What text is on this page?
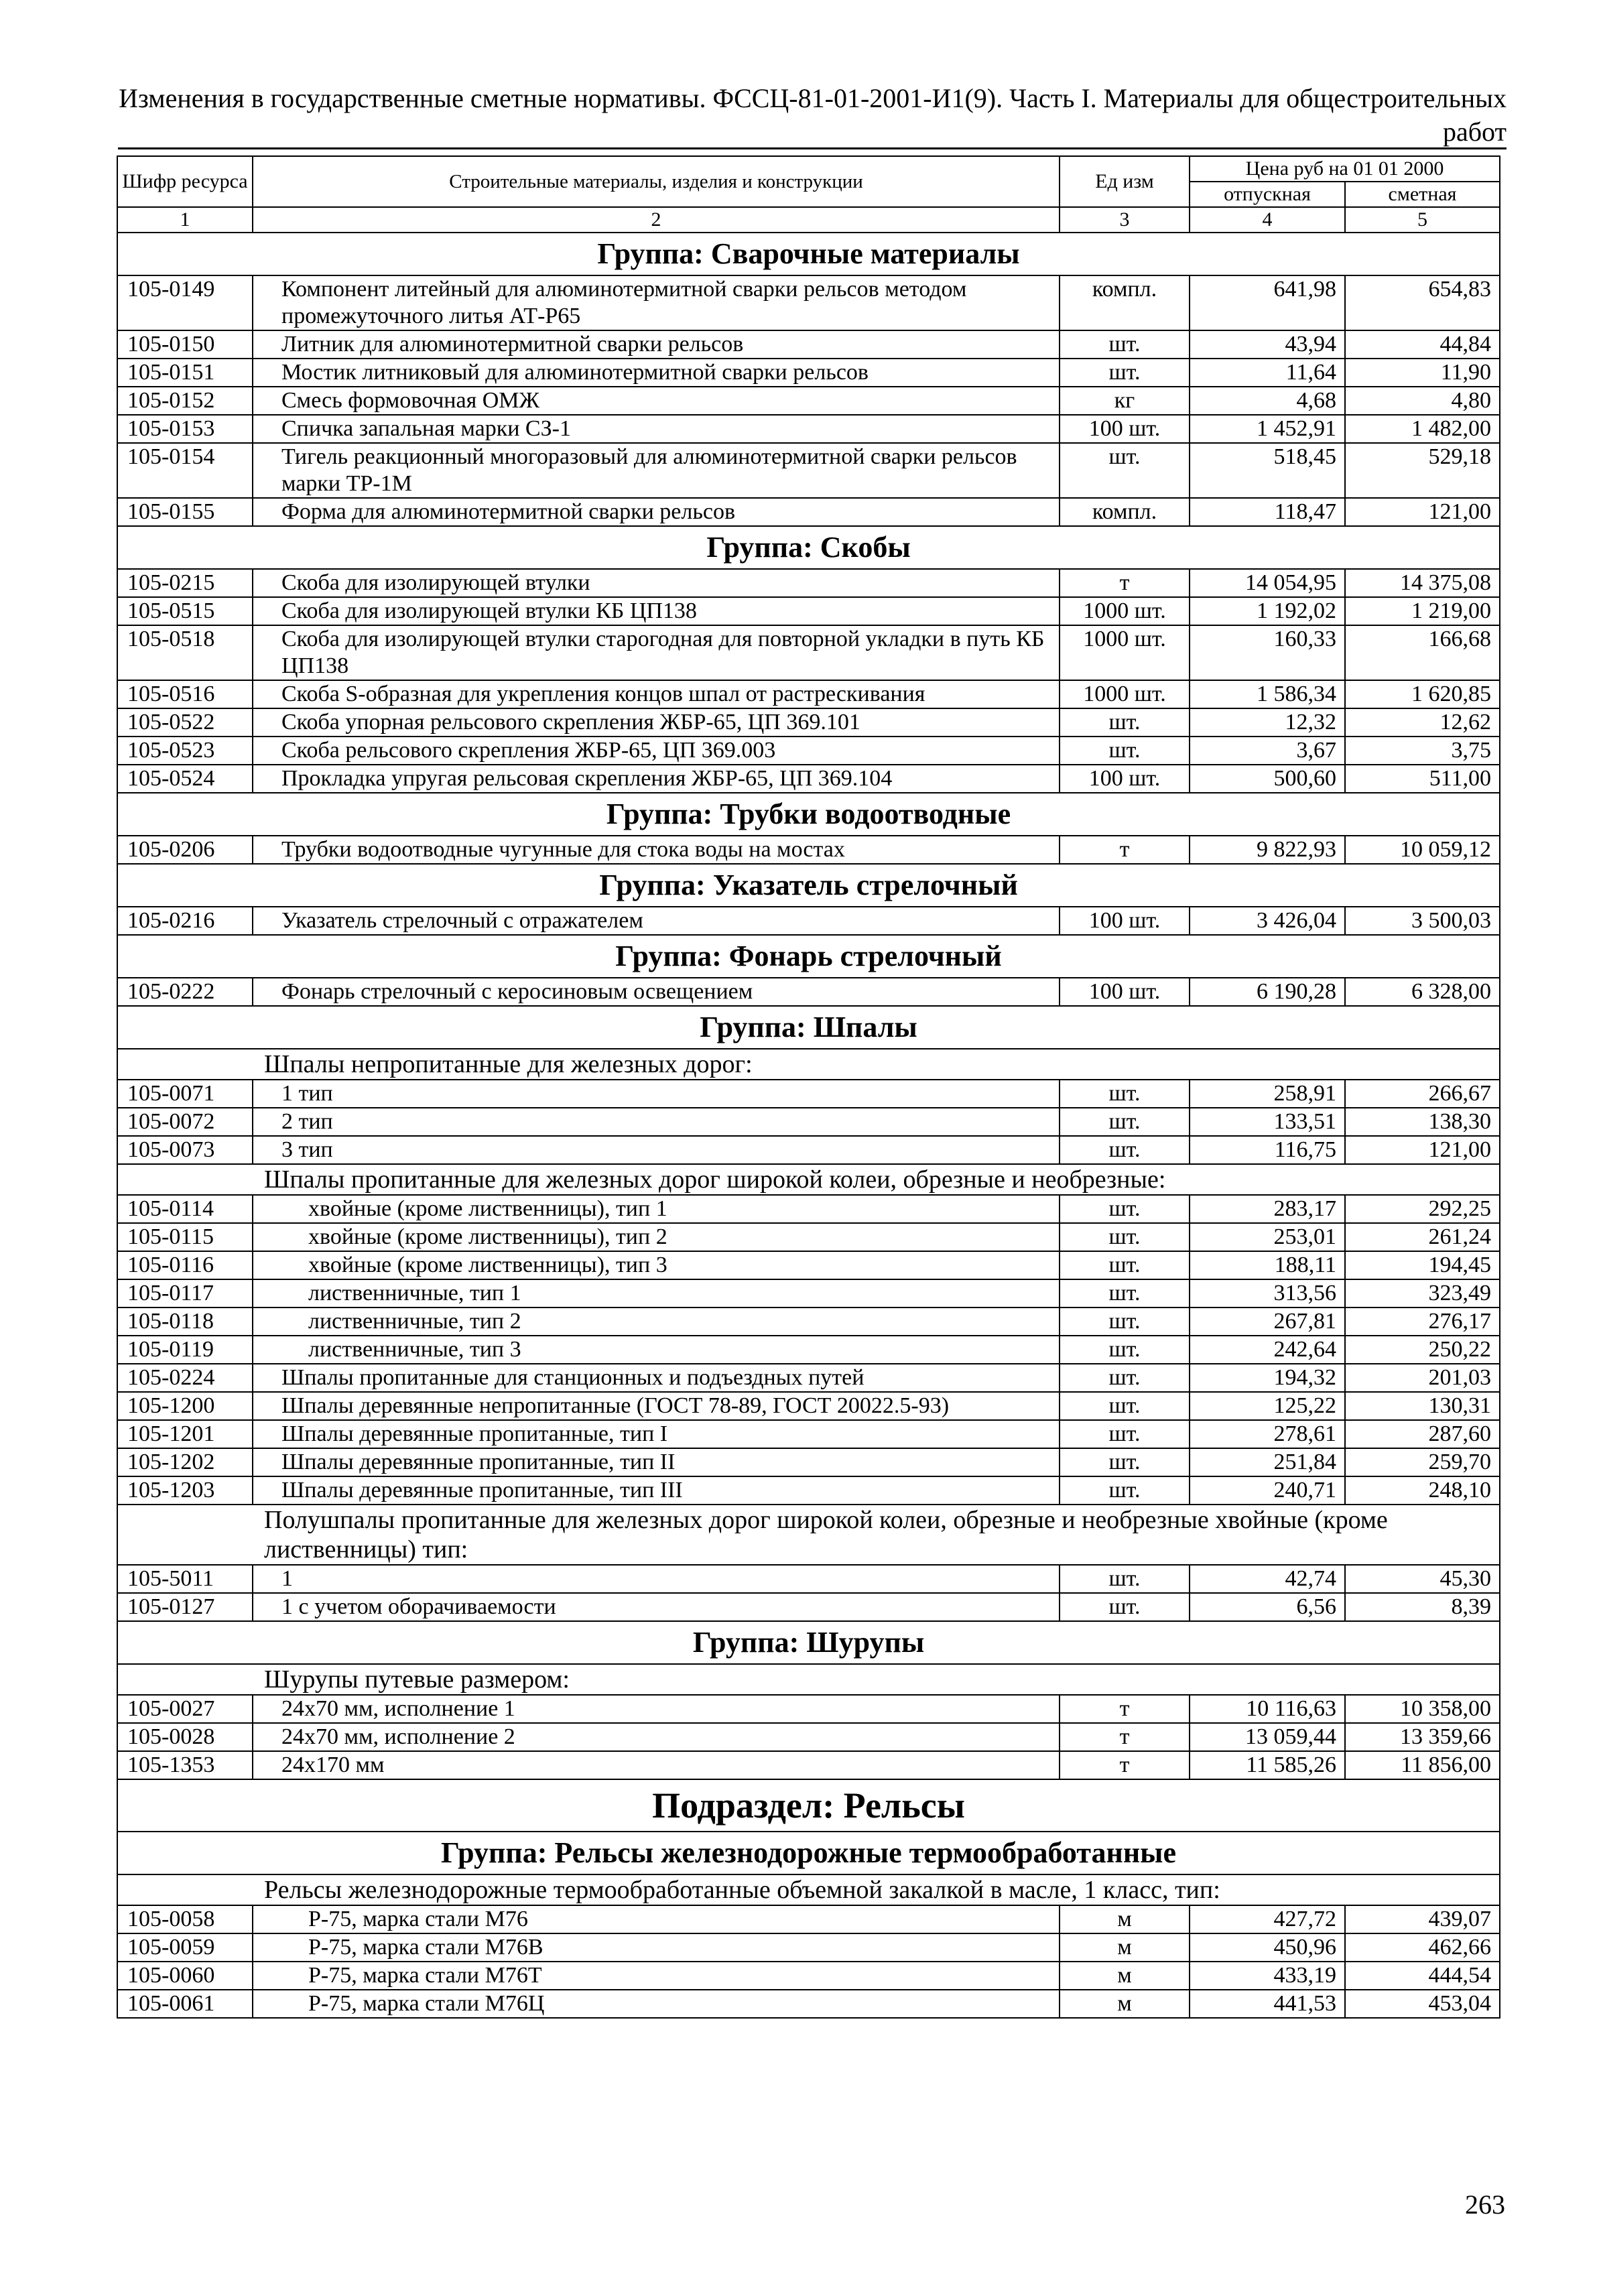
Изменения в государственные сметные нормативы. ФССЦ-81-01-2001-И1(9). Часть I. Материалы для общестроительных работ
Шифр ресурса	Строительные материалы, изделия и конструкции	Ед изм	Цена руб на 01 01 2000	
			отпускная	сметная
1	2	3	4	5
Группа: Сварочные материалы				
105-0149	Компонент литейный для алюминотермитной сварки рельсов методом промежуточного литья АТ-Р65	компл.	641,98	654,83
105-0150	Литник для алюминотермитной сварки рельсов	шт.	43,94	44,84
105-0151	Мостик литниковый для алюминотермитной сварки рельсов	шт.	11,64	11,90
105-0152	Смесь формовочная ОМЖ	кг	4,68	4,80
105-0153	Спичка запальная марки СЗ-1	100 шт.	1 452,91	1 482,00
105-0154	Тигель реакционный многоразовый для алюминотермитной сварки рельсов марки ТР-1М	шт.	518,45	529,18
105-0155	Форма для алюминотермитной сварки рельсов	компл.	118,47	121,00
Группа: Скобы				
105-0215	Скоба для изолирующей втулки	т	14 054,95	14 375,08
105-0515	Скоба для изолирующей втулки КБ ЦП138	1000 шт.	1 192,02	1 219,00
105-0518	Скоба для изолирующей втулки старогодная для повторной укладки в путь КБ ЦП138	1000 шт.	160,33	166,68
105-0516	Скоба S-образная для укрепления концов шпал от растрескивания	1000 шт.	1 586,34	1 620,85
105-0522	Скоба упорная рельсового скрепления ЖБР-65, ЦП 369.101	шт.	12,32	12,62
105-0523	Скоба рельсового скрепления ЖБР-65, ЦП 369.003	шт.	3,67	3,75
105-0524	Прокладка упругая рельсовая скрепления ЖБР-65, ЦП 369.104	100 шт.	500,60	511,00
Группа: Трубки водоотводные				
105-0206	Трубки водоотводные чугунные для стока воды на мостах	т	9 822,93	10 059,12
Группа: Указатель стрелочный				
105-0216	Указатель стрелочный с отражателем	100 шт.	3 426,04	3 500,03
Группа: Фонарь стрелочный				
105-0222	Фонарь стрелочный с керосиновым освещением	100 шт.	6 190,28	6 328,00
Группа: Шпалы				
Шпалы непропитанные для железных дорог:				
105-0071	1 тип	шт.	258,91	266,67
105-0072	2 тип	шт.	133,51	138,30
105-0073	3 тип	шт.	116,75	121,00
Шпалы пропитанные для железных дорог широкой колеи, обрезные и необрезные:				
105-0114	хвойные (кроме лиственницы), тип 1	шт.	283,17	292,25
105-0115	хвойные (кроме лиственницы), тип 2	шт.	253,01	261,24
105-0116	хвойные (кроме лиственницы), тип 3	шт.	188,11	194,45
105-0117	лиственничные, тип 1	шт.	313,56	323,49
105-0118	лиственничные, тип 2	шт.	267,81	276,17
105-0119	лиственничные, тип 3	шт.	242,64	250,22
105-0224	Шпалы пропитанные для станционных и подъездных путей	шт.	194,32	201,03
105-1200	Шпалы деревянные непропитанные (ГОСТ 78-89, ГОСТ 20022.5-93)	шт.	125,22	130,31
105-1201	Шпалы деревянные пропитанные, тип I	шт.	278,61	287,60
105-1202	Шпалы деревянные пропитанные, тип II	шт.	251,84	259,70
105-1203	Шпалы деревянные пропитанные, тип III	шт.	240,71	248,10
Полушпалы пропитанные для железных дорог широкой колеи, обрезные и необрезные хвойные (кроме лиственницы) тип:				
105-5011	1	шт.	42,74	45,30
105-0127	1 с учетом оборачиваемости	шт.	6,56	8,39
Группа: Шурупы				
Шурупы путевые размером:				
105-0027	24х70 мм, исполнение 1	т	10 116,63	10 358,00
105-0028	24х70 мм, исполнение 2	т	13 059,44	13 359,66
105-1353	24х170 мм	т	11 585,26	11 856,00
Подраздел: Рельсы				
Группа: Рельсы железнодорожные термообработанные				
Рельсы железнодорожные термообработанные объемной закалкой в масле, 1 класс, тип:				
105-0058	Р-75, марка стали М76	м	427,72	439,07
105-0059	Р-75, марка стали М76В	м	450,96	462,66
105-0060	Р-75, марка стали М76Т	м	433,19	444,54
105-0061	Р-75, марка стали М76Ц	м	441,53	453,04
263
